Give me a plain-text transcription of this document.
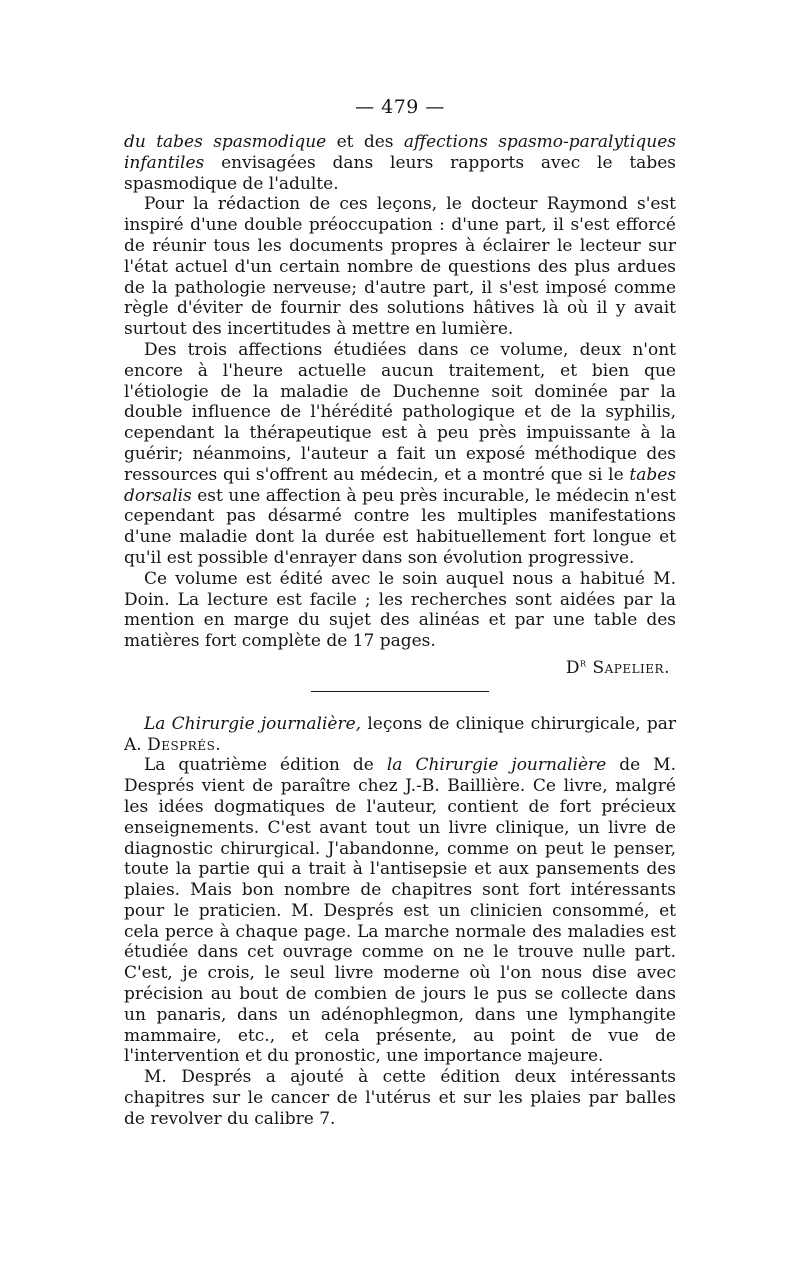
— 479 —

du tabes spasmodique et des affections spasmo-paralytiques infantiles envisagées dans leurs rapports avec le tabes spasmodique de l'adulte.

Pour la rédaction de ces leçons, le docteur Raymond s'est inspiré d'une double préoccupation : d'une part, il s'est efforcé de réunir tous les documents propres à éclairer le lecteur sur l'état actuel d'un certain nombre de questions des plus ardues de la pathologie nerveuse; d'autre part, il s'est imposé comme règle d'éviter de fournir des solutions hâtives là où il y avait surtout des incertitudes à mettre en lumière.

Des trois affections étudiées dans ce volume, deux n'ont encore à l'heure actuelle aucun traitement, et bien que l'étiologie de la maladie de Duchenne soit dominée par la double influence de l'hérédité pathologique et de la syphilis, cependant la thérapeutique est à peu près impuissante à la guérir; néanmoins, l'auteur a fait un exposé méthodique des ressources qui s'offrent au médecin, et a montré que si le tabes dorsalis est une affection à peu près incurable, le médecin n'est cependant pas désarmé contre les multiples manifestations d'une maladie dont la durée est habituellement fort longue et qu'il est possible d'enrayer dans son évolution progressive.

Ce volume est édité avec le soin auquel nous a habitué M. Doin. La lecture est facile ; les recherches sont aidées par la mention en marge du sujet des alinéas et par une table des matières fort complète de 17 pages.

$D^r$ Sapelier.

La Chirurgie journalière, leçons de clinique chirurgicale, par A. Després.

La quatrième édition de la Chirurgie journalière de M. Després vient de paraître chez J.-B. Baillière. Ce livre, malgré les idées dogmatiques de l'auteur, contient de fort précieux enseignements. C'est avant tout un livre clinique, un livre de diagnostic chirurgical. J'abandonne, comme on peut le penser, toute la partie qui a trait à l'antisepsie et aux pansements des plaies. Mais bon nombre de chapitres sont fort intéressants pour le praticien. M. Després est un clinicien consommé, et cela perce à chaque page. La marche normale des maladies est étudiée dans cet ouvrage comme on ne le trouve nulle part. C'est, je crois, le seul livre moderne où l'on nous dise avec précision au bout de combien de jours le pus se collecte dans un panaris, dans un adénophlegmon, dans une lymphangite mammaire, etc., et cela présente, au point de vue de l'intervention et du pronostic, une importance majeure.

M. Després a ajouté à cette édition deux intéressants chapitres sur le cancer de l'utérus et sur les plaies par balles de revolver du calibre 7.
